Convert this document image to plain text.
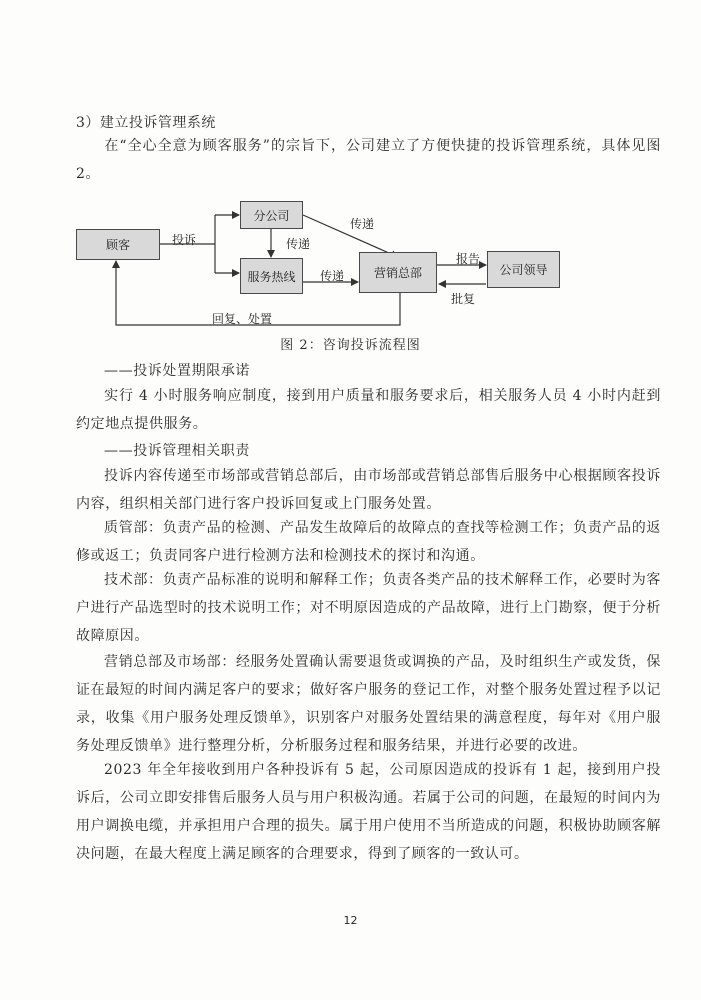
3）建立投诉管理系统

在“全心全意为顾客服务”的宗旨下，公司建立了方便快捷的投诉管理系统，具体见图 2。

顾客
分公司
服务热线	营销总部	公司领导
投诉
传递
传递
传递
报告
批复
回复、处置
图 2：咨询投诉流程图
——投诉处置期限承诺

实行 4 小时服务响应制度，接到用户质量和服务要求后，相关服务人员 4 小时内赶到约定地点提供服务。

——投诉管理相关职责

投诉内容传递至市场部或营销总部后，由市场部或营销总部售后服务中心根据顾客投诉内容，组织相关部门进行客户投诉回复或上门服务处置。

质管部：负责产品的检测、产品发生故障后的故障点的查找等检测工作；负责产品的返修或返工；负责同客户进行检测方法和检测技术的探讨和沟通。

技术部：负责产品标准的说明和解释工作；负责各类产品的技术解释工作，必要时为客户进行产品选型时的技术说明工作；对不明原因造成的产品故障，进行上门勘察，便于分析故障原因。

营销总部及市场部：经服务处置确认需要退货或调换的产品，及时组织生产或发货，保证在最短的时间内满足客户的要求；做好客户服务的登记工作，对整个服务处置过程予以记录，收集《用户服务处理反馈单》，识别客户对服务处置结果的满意程度，每年对《用户服务处理反馈单》进行整理分析，分析服务过程和服务结果，并进行必要的改进。

2023 年全年接收到用户各种投诉有 5 起，公司原因造成的投诉有 1 起，接到用户投诉后，公司立即安排售后服务人员与用户积极沟通。若属于公司的问题，在最短的时间内为用户调换电缆，并承担用户合理的损失。属于用户使用不当所造成的问题，积极协助顾客解决问题，在最大程度上满足顾客的合理要求，得到了顾客的一致认可。

12
